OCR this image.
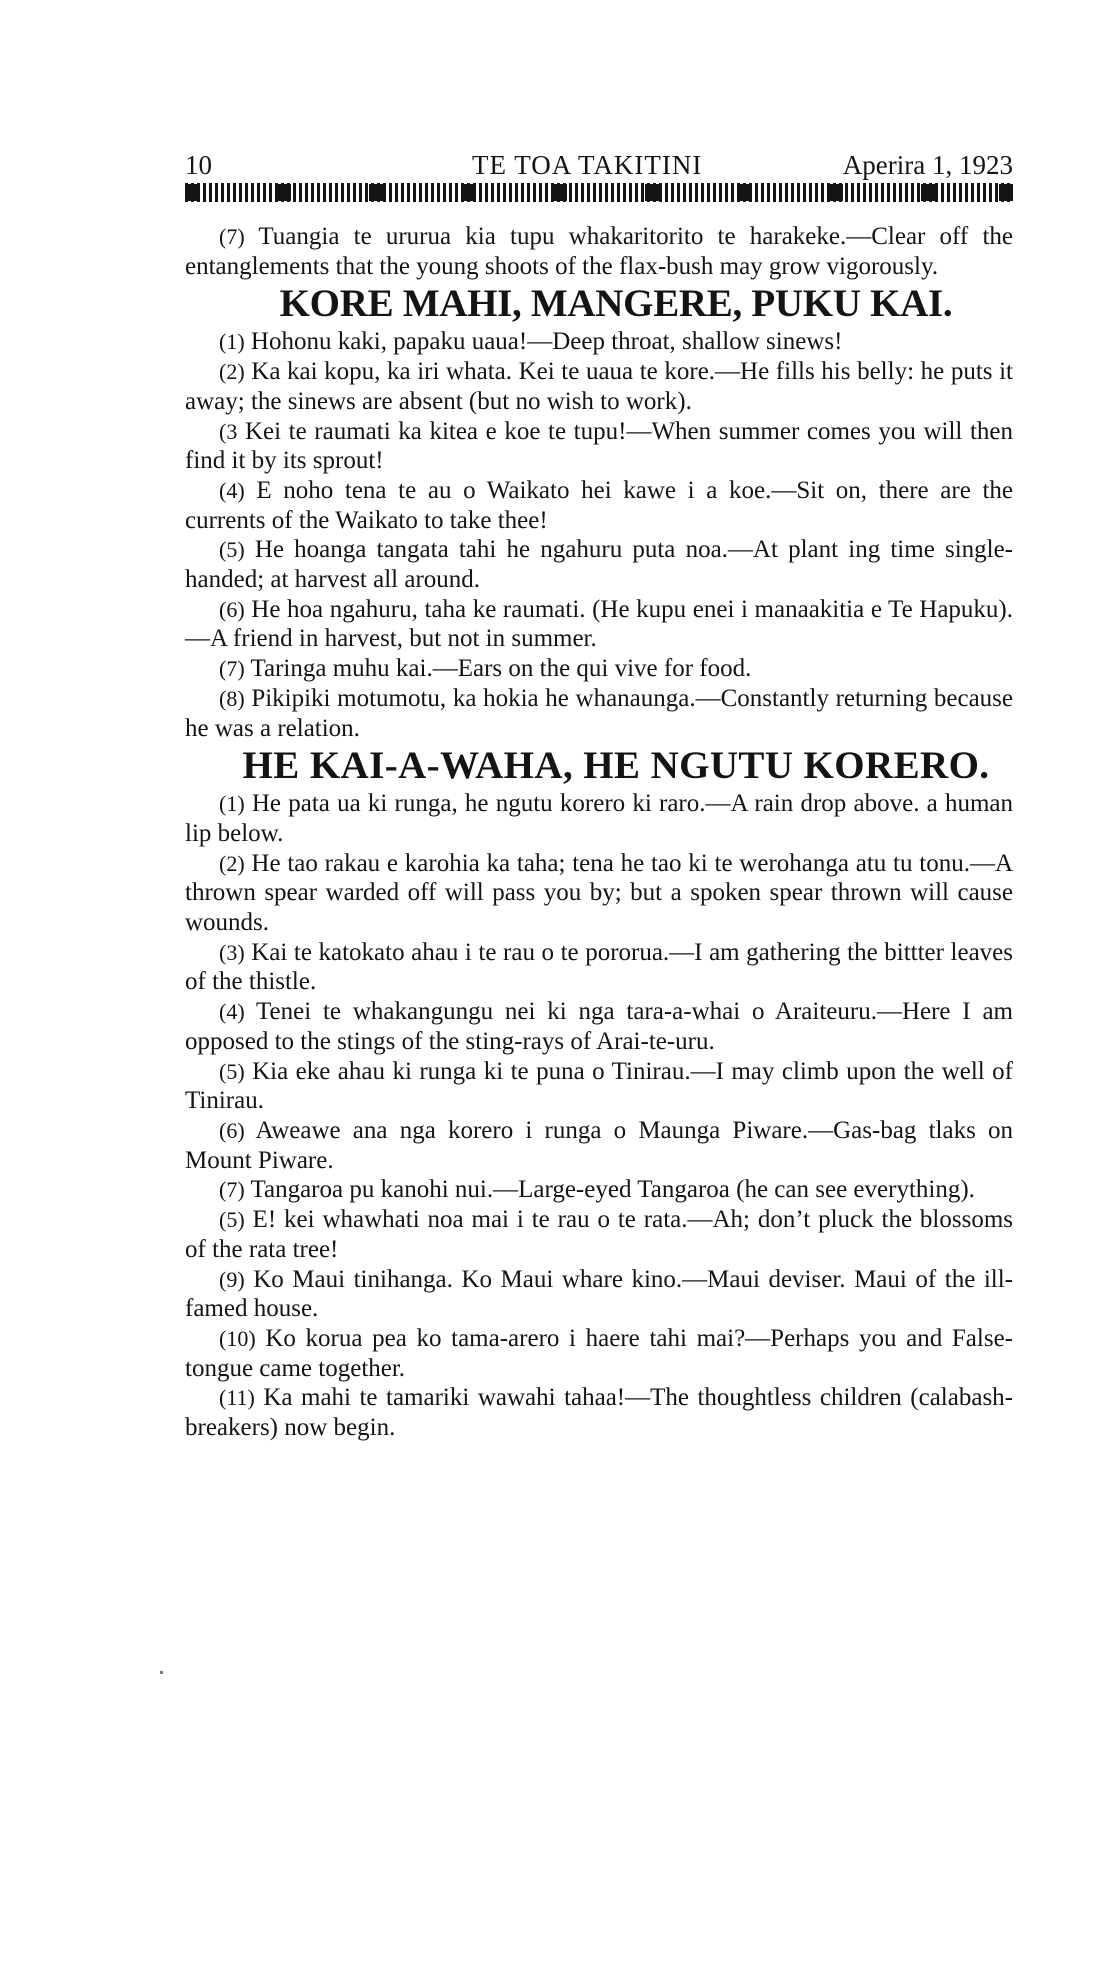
10	TE TOA TAKITINI	Aperira 1, 1923

(7) Tuangia te ururua kia tupu whakaritorito te harakeke.—Clear off the entanglements that the young shoots of the flax-bush may grow vigorously.

KORE MAHI, MANGERE, PUKU KAI.

(1) Hohonu kaki, papaku uaua!—Deep throat, shallow sinews!

(2) Ka kai kopu, ka iri whata. Kei te uaua te kore.—He fills his belly: he puts it away; the sinews are absent (but no wish to work).

(3 Kei te raumati ka kitea e koe te tupu!—When summer comes you will then find it by its sprout!

(4) E noho tena te au o Waikato hei kawe i a koe.—Sit on, there are the currents of the Waikato to take thee!

(5) He hoanga tangata tahi he ngahuru puta noa.—At plant ing time single-handed; at harvest all around.

(6) He hoa ngahuru, taha ke raumati. (He kupu enei i manaakitia e Te Hapuku).—A friend in harvest, but not in summer.

(7) Taringa muhu kai.—Ears on the qui vive for food.

(8) Pikipiki motumotu, ka hokia he whanaunga.—Constantly returning because he was a relation.

HE KAI-A-WAHA, HE NGUTU KORERO.

(1) He pata ua ki runga, he ngutu korero ki raro.—A rain drop above. a human lip below.

(2) He tao rakau e karohia ka taha; tena he tao ki te werohanga atu tu tonu.—A thrown spear warded off will pass you by; but a spoken spear thrown will cause wounds.

(3) Kai te katokato ahau i te rau o te pororua.—I am gathering the bittter leaves of the thistle.

(4) Tenei te whakangungu nei ki nga tara-a-whai o Araiteuru.—Here I am opposed to the stings of the sting-rays of Arai-te-uru.

(5) Kia eke ahau ki runga ki te puna o Tinirau.—I may climb upon the well of Tinirau.

(6) Aweawe ana nga korero i runga o Maunga Piware.—Gas-bag tlaks on Mount Piware.

(7) Tangaroa pu kanohi nui.—Large-eyed Tangaroa (he can see everything).

(5) E! kei whawhati noa mai i te rau o te rata.—Ah; don’t pluck the blossoms of the rata tree!

(9) Ko Maui tinihanga. Ko Maui whare kino.—Maui deviser. Maui of the ill-famed house.

(10) Ko korua pea ko tama-arero i haere tahi mai?—Perhaps you and False-tongue came together.

(11) Ka mahi te tamariki wawahi tahaa!—The thoughtless children (calabash-breakers) now begin.
